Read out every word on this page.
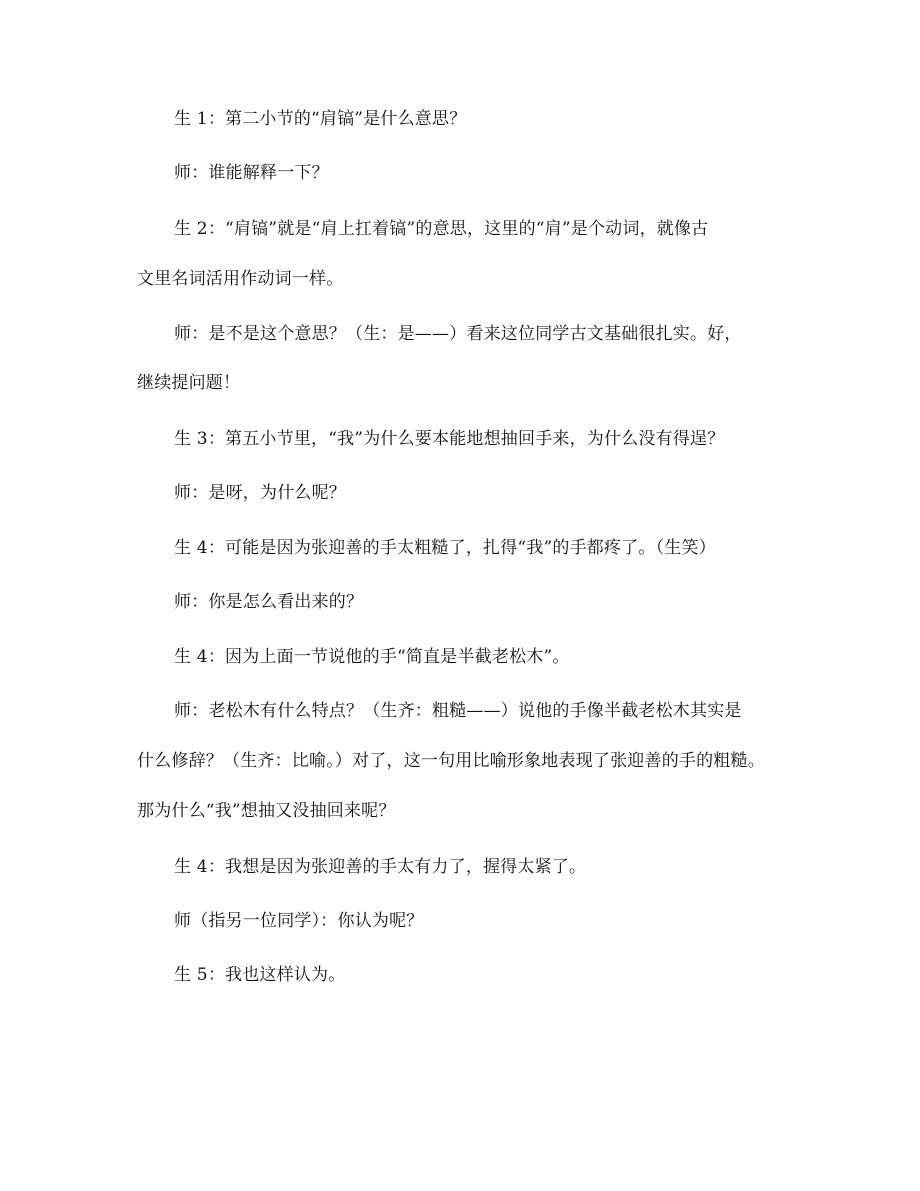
生 1：第二小节的“肩镐”是什么意思？

师：谁能解释一下？

生 2：“肩镐”就是“肩上扛着镐”的意思，这里的“肩”是个动词，就像古

文里名词活用作动词一样。

师：是不是这个意思？（生：是——）看来这位同学古文基础很扎实。好，

继续提问题！

生 3：第五小节里，“我”为什么要本能地想抽回手来，为什么没有得逞？

师：是呀，为什么呢？

生 4：可能是因为张迎善的手太粗糙了，扎得“我”的手都疼了。（生笑）

师：你是怎么看出来的？

生 4：因为上面一节说他的手“简直是半截老松木”。

师：老松木有什么特点？（生齐：粗糙——）说他的手像半截老松木其实是

什么修辞？（生齐：比喻。）对了，这一句用比喻形象地表现了张迎善的手的粗糙。

那为什么“我”想抽又没抽回来呢？

生 4：我想是因为张迎善的手太有力了，握得太紧了。

师（指另一位同学）：你认为呢？

生 5：我也这样认为。
